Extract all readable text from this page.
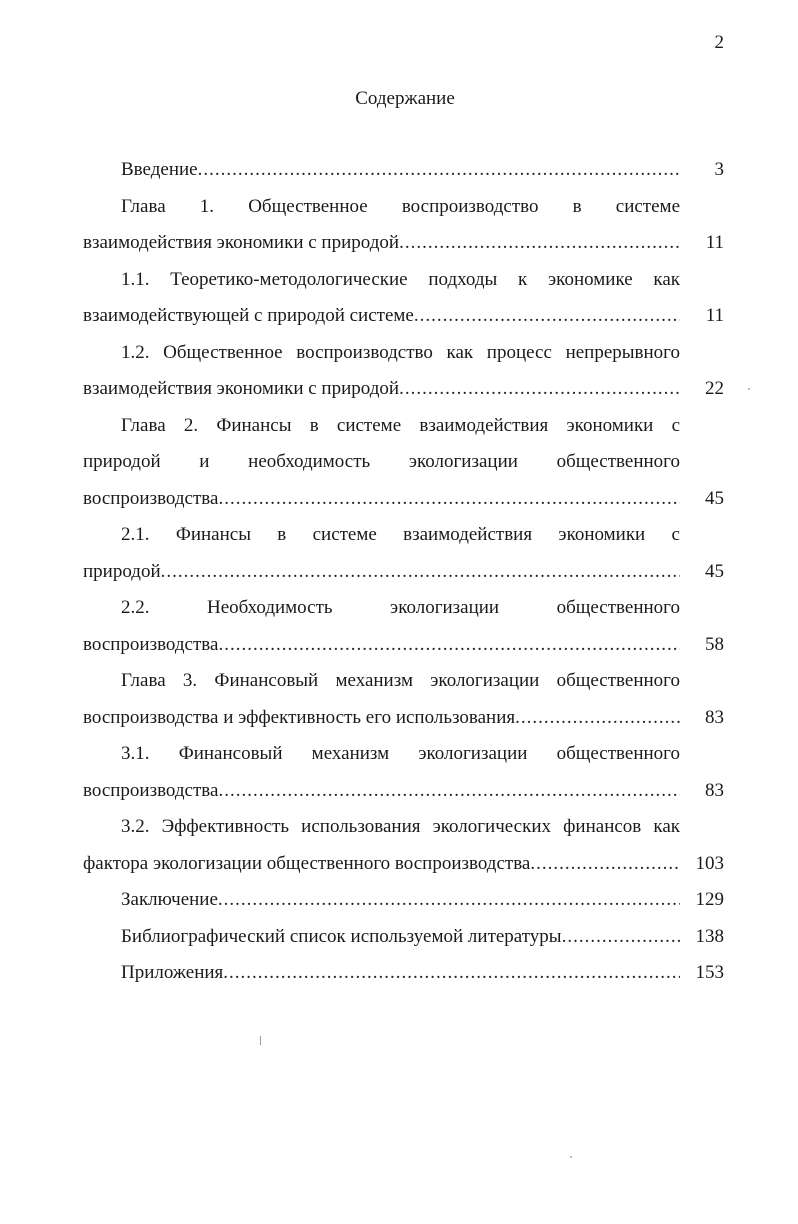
2
Содержание
Введение .....	3
Глава 1. Общественное воспроизводство в системе
взаимодействия экономики с природой .....	11
1.1. Теоретико-методологические подходы к экономике как
взаимодействующей с природой системе .....	11
1.2. Общественное воспроизводство как процесс непрерывного
взаимодействия экономики с природой .....	22
Глава 2. Финансы в системе взаимодействия экономики с
природой и необходимость экологизации общественного
воспроизводства .....	45
2.1. Финансы в системе взаимодействия экономики с
природой .....	45
2.2. Необходимость экологизации общественного
воспроизводства .....	58
Глава 3. Финансовый механизм экологизации общественного
воспроизводства и эффективность его использования .....	83
3.1. Финансовый механизм экологизации общественного
воспроизводства .....	83
3.2. Эффективность использования экологических финансов как
фактора экологизации общественного воспроизводства .....	103
Заключение .....	129
Библиографический список используемой литературы .....	138
Приложения .....	153
